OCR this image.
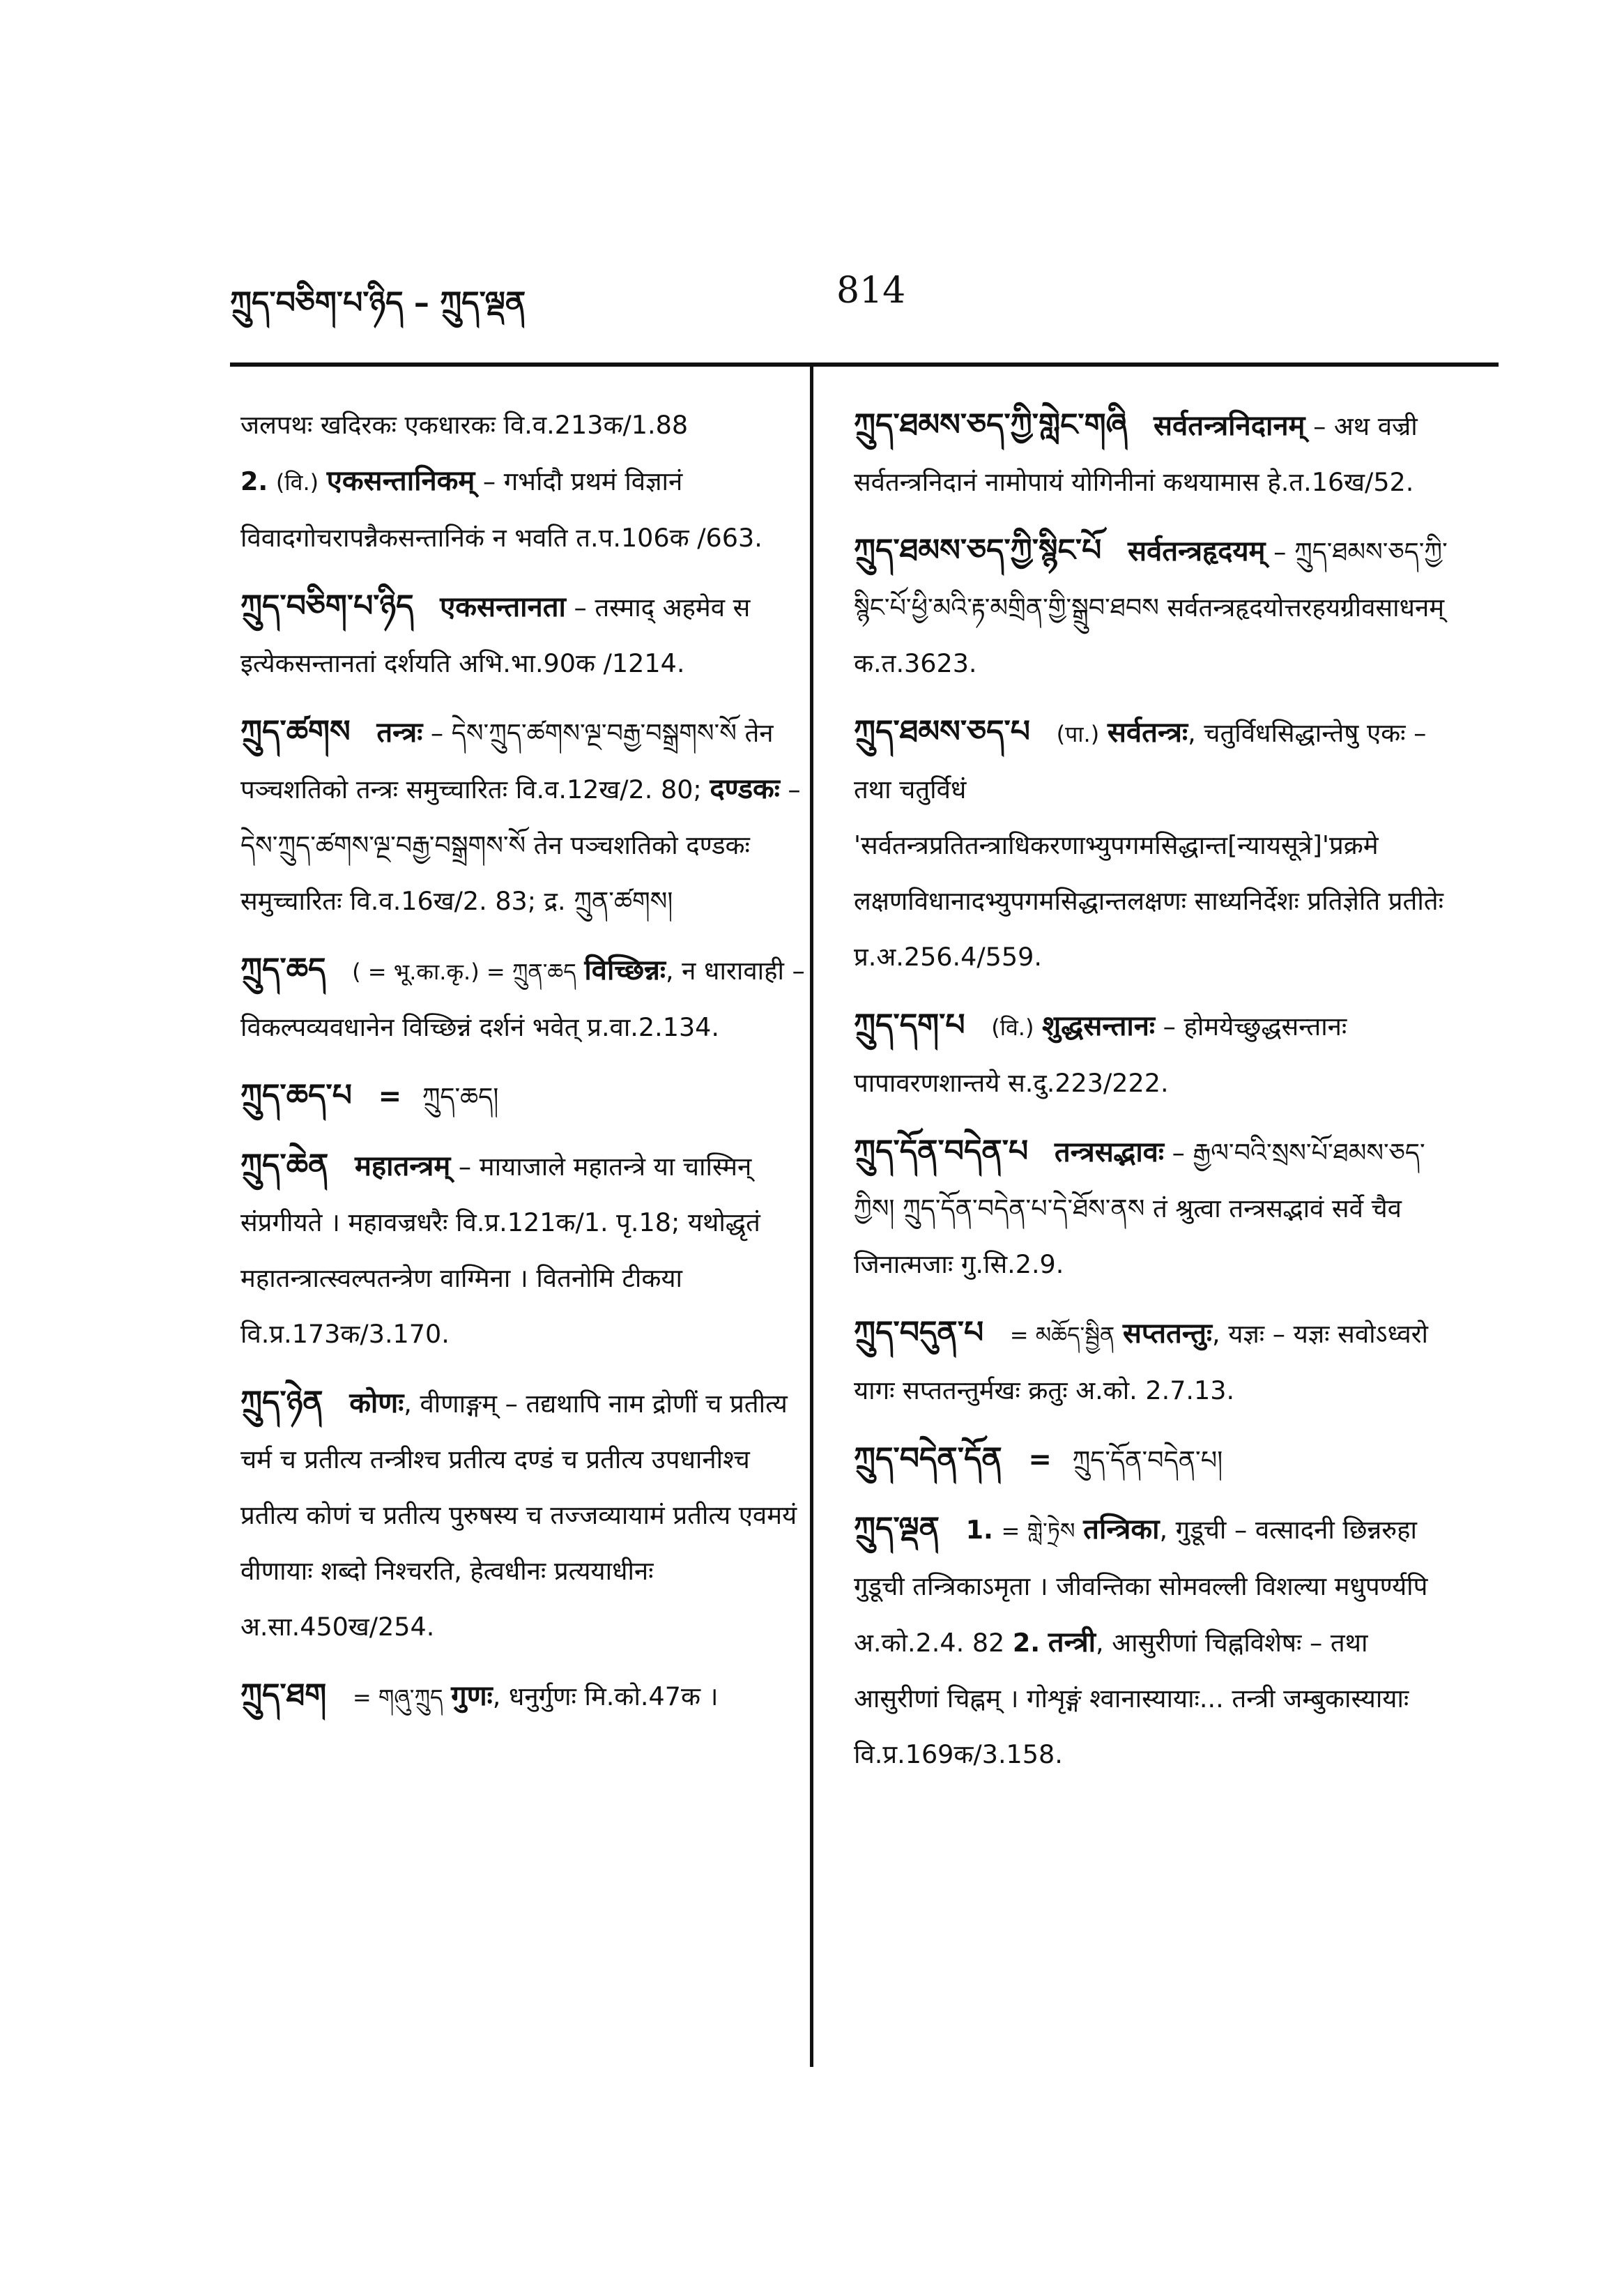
ཀྲུད་བཅིག་པ་ཉིད – ཀྲུད་ལྡན	814

जलपथः खदिरकः एकधारकः वि.व.213क/1.88
2. (वि.) एकसन्तानिकम् – गर्भादौ प्रथमं विज्ञानं विवादगोचरापन्नैकसन्तानिकं न भवति त.प.106क /663.

ཀྲུད་བཅིག་པ་ཉིད एकसन्तानता – तस्माद् अहमेव स इत्येकसन्तानतां दर्शयति अभि.भा.90क /1214.

ཀྲུད་ཚགས तन्त्रः – དེས་ཀྲུད་ཚགས་ལྔ་བརྒྱ་བསྒྲགས་སོ तेन पञ्चशतिको तन्त्रः समुच्चारितः वि.व.12ख/2. 80; दण्डकः – དེས་ཀྲུད་ཚགས་ལྔ་བརྒྱ་བསྒྲགས་སོ तेन पञ्चशतिको दण्डकः समुच्चारितः वि.व.16ख/2. 83; द्र. ཀྲུན་ཚགས།

ཀྲུད་ཆད ( = भू.का.कृ.) = ཀྲུན་ཆད विच्छिन्नः, न धारावाही – विकल्पव्यवधानेन विच्छिन्नं दर्शनं भवेत् प्र.वा.2.134.

ཀྲུད་ཆད་པ = ཀྲུད་ཆད།

ཀྲུད་ཆེན महातन्त्रम् – मायाजाले महातन्त्रे या चास्मिन् संप्रगीयते । महावज्रधरैः वि.प्र.121क/1. पृ.18; यथोद्धृतं महातन्त्रात्स्वल्पतन्त्रेण वाग्मिना । वितनोमि टीकया वि.प्र.173क/3.170.

ཀྲུད་ཉེན कोणः, वीणाङ्गम् – तद्यथापि नाम द्रोणीं च प्रतीत्य चर्म च प्रतीत्य तन्त्रीश्च प्रतीत्य दण्डं च प्रतीत्य उपधानीश्च प्रतीत्य कोणं च प्रतीत्य पुरुषस्य च तज्जव्यायामं प्रतीत्य एवमयं वीणायाः शब्दो निश्चरति, हेत्वधीनः प्रत्ययाधीनः अ.सा.450ख/254.

ཀྲུད་ཐག = གཞུ་ཀྲུད गुणः, धनुर्गुणः मि.को.47क ।

ཀྲུད་ཐམས་ཅད་ཀྱི་གླེང་གཞི सर्वतन्त्रनिदानम् – अथ वज्री सर्वतन्त्रनिदानं नामोपायं योगिनीनां कथयामास हे.त.16ख/52.

ཀྲུད་ཐམས་ཅད་ཀྱི་སྙིང་པོ सर्वतन्त्रहृदयम् – ཀྲུད་ཐམས་ཅད་ཀྱི་སྙིང་པོ་ཕྱི་མའི་རྟ་མགྲིན་གྱི་སྒྲུབ་ཐབས सर्वतन्त्रहृदयोत्तरहयग्रीवसाधनम् क.त.3623.

ཀྲུད་ཐམས་ཅད་པ (पा.) सर्वतन्त्रः, चतुर्विधसिद्धान्तेषु एकः – तथा चतुर्विधं 'सर्वतन्त्रप्रतितन्त्राधिकरणाभ्युपगमसिद्धान्त[न्यायसूत्रे]'प्रक्रमे लक्षणविधानादभ्युपगमसिद्धान्तलक्षणः साध्यनिर्देशः प्रतिज्ञेति प्रतीतेः प्र.अ.256.4/559.

ཀྲུད་དག་པ (वि.) शुद्धसन्तानः – होमयेच्छुद्धसन्तानः पापावरणशान्तये स.दु.223/222.

ཀྲུད་དོན་བདེན་པ तन्त्रसद्भावः – རྒྱལ་བའི་སྲས་པོ་ཐམས་ཅད་ཀྱིས། ཀྲུད་དོན་བདེན་པ་དེ་ཐོས་ནས तं श्रुत्वा तन्त्रसद्भावं सर्वे चैव जिनात्मजाः गु.सि.2.9.

ཀྲུད་བདུན་པ = མཆོད་སྦྱིན सप्ततन्तुः, यज्ञः – यज्ञः सवोऽध्वरो यागः सप्ततन्तुर्मखः क्रतुः अ.को. 2.7.13.

ཀྲུད་བདེན་དོན = ཀྲུད་དོན་བདེན་པ།

ཀྲུད་ལྡན 1. = གླེ་ཏྲེས तन्त्रिका, गुडूची – वत्सादनी छिन्नरुहा गुडूची तन्त्रिकाऽमृता । जीवन्तिका सोमवल्ली विशल्या मधुपर्ण्यपि अ.को.2.4. 82 2. तन्त्री, आसुरीणां चिह्नविशेषः – तथा आसुरीणां चिह्नम् । गोशृङ्गं श्वानास्यायाः... तन्त्री जम्बुकास्यायाः वि.प्र.169क/3.158.
